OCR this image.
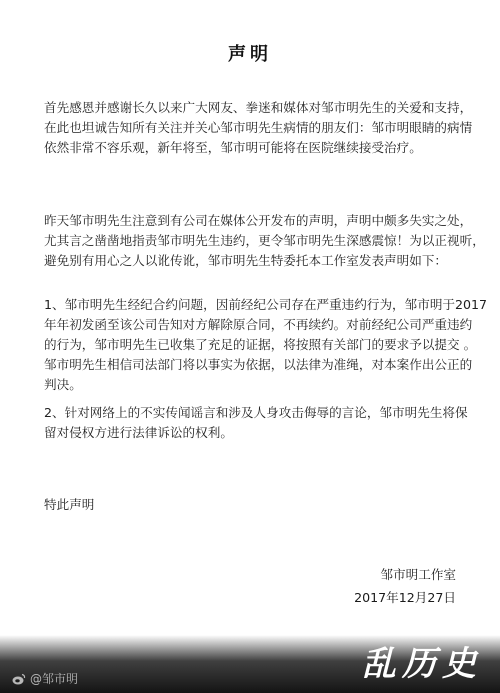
声明

首先感恩并感谢长久以来广大网友、拳迷和媒体对邹市明先生的关爱和支持，
在此也坦诚告知所有关注并关心邹市明先生病情的朋友们：邹市明眼睛的病情
依然非常不容乐观，新年将至，邹市明可能将在医院继续接受治疗。

昨天邹市明先生注意到有公司在媒体公开发布的声明，声明中颇多失实之处，
尤其言之凿凿地指责邹市明先生违约，更令邹市明先生深感震惊！为以正视听，
避免别有用心之人以讹传讹，邹市明先生特委托本工作室发表声明如下：

1、邹市明先生经纪合约问题，因前经纪公司存在严重违约行为，邹市明于2017
年年初发函至该公司告知对方解除原合同，不再续约。对前经纪公司严重违约
的行为，邹市明先生已收集了充足的证据，将按照有关部门的要求予以提交 。
邹市明先生相信司法部门将以事实为依据，以法律为准绳，对本案作出公正的
判决。

2、针对网络上的不实传闻谣言和涉及人身攻击侮辱的言论，邹市明先生将保
留对侵权方进行法律诉讼的权利。

特此声明

邹市明工作室

2017年12月27日

@邹市明	乱历史
